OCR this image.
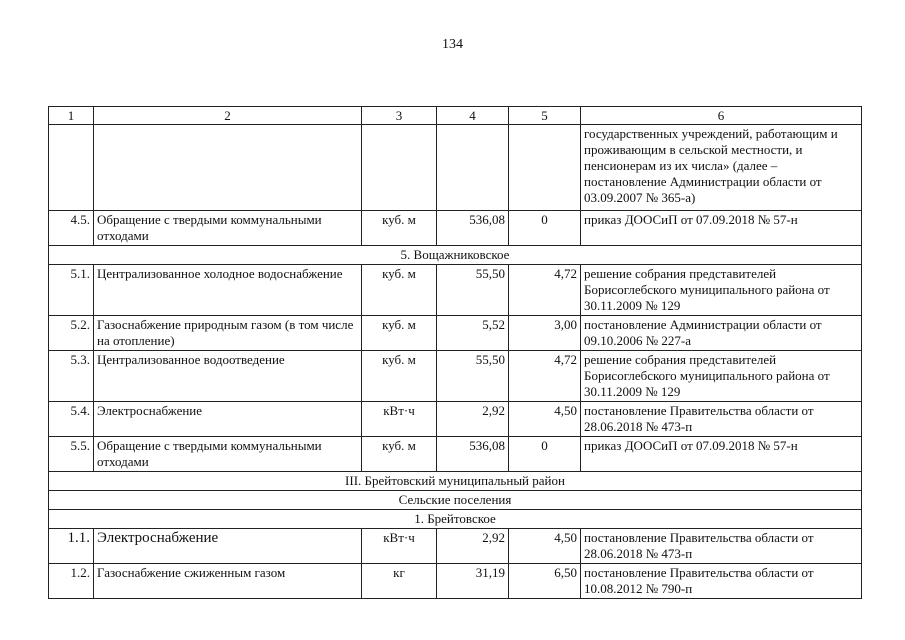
134
1	2	3	4	5	6
					государственных учреждений, работающим и проживающим в сельской местности, и пенсионерам из их числа» (далее – постановление Администрации области от 03.09.2007 № 365-а)
4.5.	Обращение с твердыми коммунальными отходами	куб. м	536,08	0	приказ ДООСиП от 07.09.2018 № 57-н
5. Вощажниковское					
5.1.	Централизованное холодное водоснабжение	куб. м	55,50	4,72	решение собрания представителей Борисоглебского муниципального района от 30.11.2009 № 129
5.2.	Газоснабжение природным газом (в том числе на отопление)	куб. м	5,52	3,00	постановление Администрации области от 09.10.2006 № 227-а
5.3.	Централизованное водоотведение	куб. м	55,50	4,72	решение собрания представителей Борисоглебского муниципального района от 30.11.2009 № 129
5.4.	Электроснабжение	кВт·ч	2,92	4,50	постановление Правительства области от 28.06.2018 № 473-п
5.5.	Обращение с твердыми коммунальными отходами	куб. м	536,08	0	приказ ДООСиП от 07.09.2018 № 57-н
III. Брейтовский муниципальный район					
Сельские поселения					
1. Брейтовское					
1.1.	Электроснабжение	кВт·ч	2,92	4,50	постановление Правительства области от 28.06.2018 № 473-п
1.2.	Газоснабжение сжиженным газом	кг	31,19	6,50	постановление Правительства области от 10.08.2012 № 790-п
